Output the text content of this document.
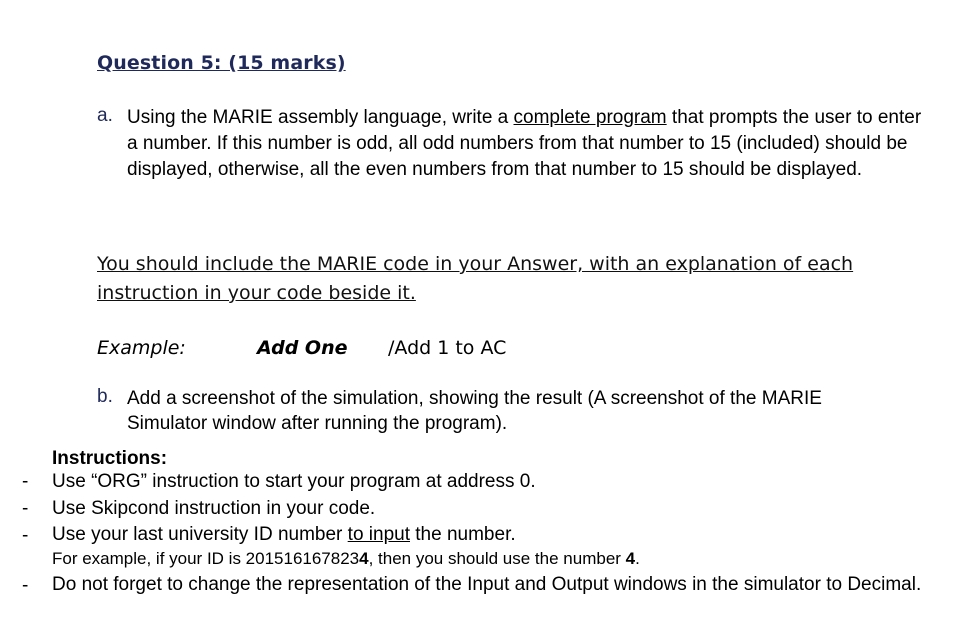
Question 5: (15 marks)
a. Using the MARIE assembly language, write a complete program that prompts the user to enter a number. If this number is odd, all odd numbers from that number to 15 (included) should be displayed, otherwise, all the even numbers from that number to 15 should be displayed.
You should include the MARIE code in your Answer, with an explanation of each instruction in your code beside it.
Example:	Add One /Add 1 to AC
b. Add a screenshot of the simulation, showing the result (A screenshot of the MARIE Simulator window after running the program).
Instructions:
- Use “ORG” instruction to start your program at address 0.
- Use Skipcond instruction in your code.
- Use your last university ID number to input the number.
For example, if your ID is 2015161678234, then you should use the number 4.
- Do not forget to change the representation of the Input and Output windows in the simulator to Decimal.
